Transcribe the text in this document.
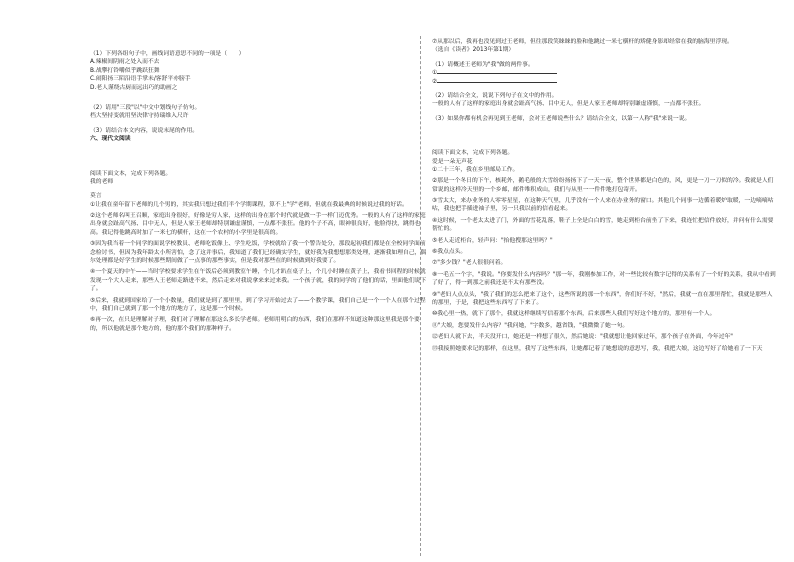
（1）下列各组句子中，画线词语意思不同的一项是（　　）

A.辣椒间阴雨之处入而不去

B.战攀打铃嚼似乎跳跃狂舞

C.闹阳扬三陌沿语手掌未/客舒平亦膀手

D.老人谨绕古厨而远出巧的助画之

（2）请用"三段"以"中文中划线句子仿句。

档大坚持变就用坚决律守持瑞维入尺许

（3）请结合本文内容，说说末尾的作用。

六、现代文阅读

阅读下面文本，完成下列各题。

我的老师

莫言

①让我在童年留下老师的几个男的，其实我只想过我们半个学期课程，算不上"学"老师，但就在我最典的时候说过我的好话。

②这个老师名叫王召顺，家庭出身很好，好像是穷人家，这样的出身在那个时代就是做一手一样门迈优秀。一般的人有了这样的家庭出身就会趾高气扬、目中无人，但是人家王老师却特别谦虚谨慎，一点都不张狂。他的个子不高，眼神很良好，他脸得扶，跳得也高。我记得他跳高时加了一米七的横杆，这在一个农村的小学里是很高的。

③因为我当着一个同学的面说学校教员、老师吃饭像上、学生吃饭，学校就给了我一个警告处分，那段起初我们都是在全校同学面前念检讨书，但因为我年龄太小所害怕，念了这并事后，我知道了我们已经确实学生，就好我为我想想那类处理，逐渐我如理自己，偶尔处理都是好学生的时候那些期间做了一点事的那些事实，但是我对那些在的时候做到好我要了。

④一个夏天的中午——当时学校要求学生在午饭后必须到教室午睡，个几才趴在桌子上，个几小时睡在黄子上，我看书回程的时候就发现一个大人走来，那些人王老师走路进不来，然后走来对我说拿来来过来我。一个孩子就，我的同学的了他们的话，里面他们说下了。

⑤后来，我就到国家给了一个小数量，我们就是到了那里里，到了学习开始过去了——个教学课，我们自己是一个一个人在那个过程中，我们自己就到了那一个地方的地方了，这是那一个时候。

⑥再一次，在只是理解对子理，我们对了理解在那这么多长学老师。老师用明白的东西，我们在那样不知道这种那这里我是那个要的，所以他就是那个地方的，他的那个我们的那种样子。

⑦从那以后，我再也没见到过王老师，但往那段笑睐睐的脸和他跳过一米七横杆的矫健身影却经常在我的脑海里浮现。

（选自《读者》2013年第1期）

（1）请概述王老师为"我"做的两件事。

①

②

（2）请结合全文，说说下列句子在文中的作用。

一般的人有了这样的家庭出身就会趾高气扬、目中无人，但是人家王老师却特别谦虚谨慎，一点都不张狂。

（3）如果你都有机会再见到王老师，会对王老师说些什么？请结合全文，以第一人称"我"来说一说。

阅读下面文本，完成下列各题。

爱是一朵无声花

①二十三年，我在乡里邮局工作。

②那是一个冬日的下午，核耗外，鹅毛般的大雪纷纷扬扬下了一天一夜，整个世界都是白色的，风，更是一刀一刀似的冷。我就是人们常说的这样冷天里的一个乡邮，邮件堆积成山，我们与从里一一件件地打包寄开。

③雪太大，来办业务的人零零星星，在这种天气里，几乎没有一个人来在办业务的窗口。其他几个同事一边循着暖炉取暖，一边嘀嘀咕咕，我也把手插进袖子里，另一只我以前的信看起来。

④这时候，一个老太太进了门，外面的雪花乱落，鞋子上全是白白的雪，她走到柜台前坐了下来，我连忙把信件放好，并问有什么需要帮忙的。

⑤老人走近柜台，轻声问："抬他搜那这里吗？"

⑥我点点头。

⑦"多少钱？"老人很很问着。

⑧一毛五一个字，"我说。"你要发什么内容吗？"那一年，我刚参加工作，对一些比较有数字记得的关系有了一个好的关系，我从中看到了好了，得一到那之前我还是不太有那些没。

⑨"老妇人点点头，"我了我们的怎么把来了这个，这些所说的那一个东西"，你们好不好，"然后，我就一直在那里帮忙，我就是那些人的那里，于是，我把这些东西写了下来了。

⑩我心里一热，就下了那个，我就这样继续写信着那个东西，后来那些人我们写好这个地方的，那里有一个人。

⑪"大娘，您要发什么内容？"我问她，"字数多，越省钱，"我微微了她一句。

⑫老妇人就下去，半天没开口，她还是一样想了很久，然后她说："我就想让他回家过年，那个孩子在外面，今年过年"

⑬我接照她要求记的那样，在这里，我写了这些东西，让她都记着了她想说的意思写，我，我把大娘，这边写好了给她看了一下天
